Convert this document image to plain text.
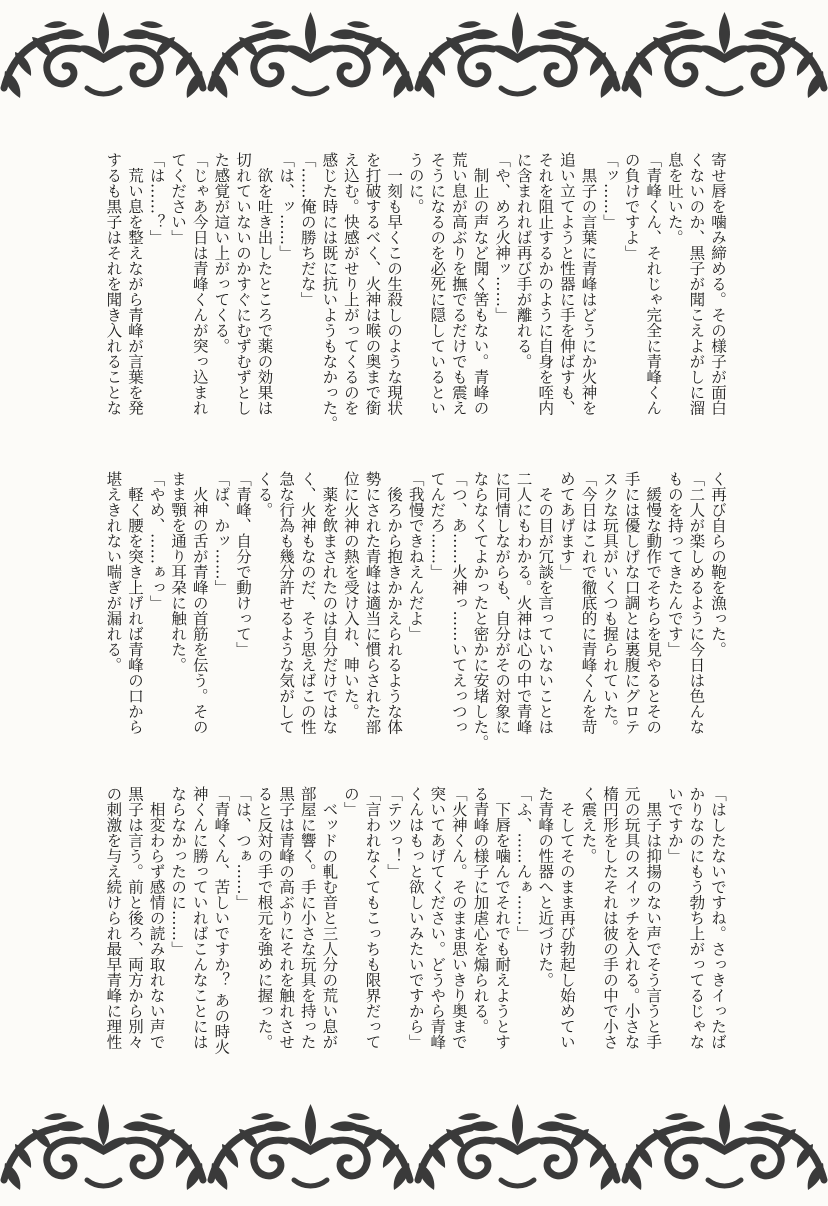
寄せ唇を噛み締める。その様子が面白

くないのか、黒子が聞こえよがしに溜

息を吐いた。

「青峰くん、それじゃ完全に青峰くん

の負けですよ」

「ッ……」

　黒子の言葉に青峰はどうにか火神を

追い立てようと性器に手を伸ばすも、

それを阻止するかのように自身を咥内

に含まれれば再び手が離れる。

「や、めろ火神ッ……」

　制止の声など聞く筈もない。青峰の

荒い息が高ぶりを撫でるだけでも震え

そうになるのを必死に隠しているとい

うのに。

　一刻も早くこの生殺しのような現状

を打破するべく、火神は喉の奥まで銜

え込む。快感がせり上がってくるのを

感じた時には既に抗いようもなかった。

「……俺の勝ちだな」

「は、ッ……」

　欲を吐き出したところで薬の効果は

切れていないのかすぐにむずむずとし

た感覚が這い上がってくる。

「じゃあ今日は青峰くんが突っ込まれ

てください」

「は……？」

　荒い息を整えながら青峰が言葉を発

するも黒子はそれを聞き入れることな

く再び自らの鞄を漁った。

「二人が楽しめるように今日は色んな

ものを持ってきたんです」

　緩慢な動作でそちらを見やるとその

手には優しげな口調とは裏腹にグロテ

スクな玩具がいくつも握られていた。

「今日はこれで徹底的に青峰くんを苛

めてあげます」

　その目が冗談を言っていないことは

二人にもわかる。火神は心の中で青峰

に同情しながらも、自分がその対象に

ならなくてよかったと密かに安堵した。

「つ、あ……火神っ……いてえっつっ

てんだろ……」

「我慢できねえんだよ」

　後ろから抱きかかえられるような体

勢にされた青峰は適当に慣らされた部

位に火神の熱を受け入れ、呻いた。

　薬を飲まされたのは自分だけではな

く、火神もなのだ、そう思えばこの性

急な行為も幾分許せるような気がして

くる。

「青峰、自分で動けって」

「ば、かッ……」

　火神の舌が青峰の首筋を伝う。その

まま顎を通り耳朶に触れた。

「やめ、……ぁっ」

　軽く腰を突き上げれば青峰の口から

堪えきれない喘ぎが漏れる。

「はしたないですね。さっきイったば

かりなのにもう勃ち上がってるじゃな

いですか」

　黒子は抑揚のない声でそう言うと手

元の玩具のスイッチを入れる。小さな

楕円形をしたそれは彼の手の中で小さ

く震えた。

　そしてそのまま再び勃起し始めてい

た青峰の性器へと近づけた。

「ふ、……んぁ……」

　下唇を噛んでそれでも耐えようとす

る青峰の様子に加虐心を煽られる。

「火神くん。そのまま思いきり奥まで

突いてあげてください。どうやら青峰

くんはもっと欲しいみたいですから」

「テツっ！」

「言われなくてもこっちも限界だって

の」

　ベッドの軋む音と三人分の荒い息が

部屋に響く。手に小さな玩具を持った

黒子は青峰の高ぶりにそれを触れさせ

ると反対の手で根元を強めに握った。

「は、つぁ……」

「青峰くん、苦しいですか？ あの時火

神くんに勝っていればこんなことには

ならなかったのに……」

　相変わらず感情の読み取れない声で

黒子は言う。前と後ろ、両方から別々

の刺激を与え続けられ最早青峰に理性
